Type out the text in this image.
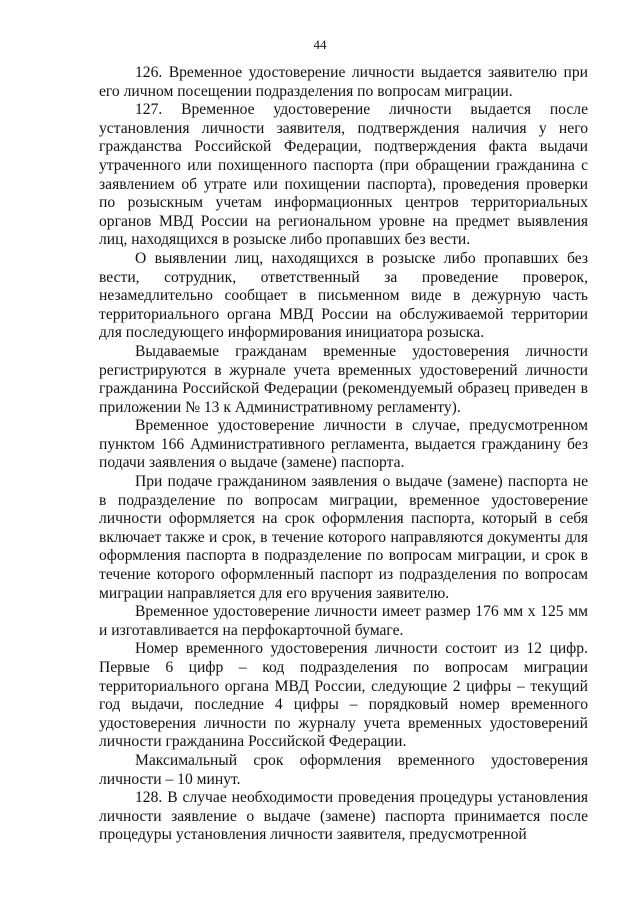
44

126. Временное удостоверение личности выдается заявителю при его личном посещении подразделения по вопросам миграции.

127. Временное удостоверение личности выдается после установления личности заявителя, подтверждения наличия у него гражданства Российской Федерации, подтверждения факта выдачи утраченного или похищенного паспорта (при обращении гражданина с заявлением об утрате или похищении паспорта), проведения проверки по розыскным учетам информационных центров территориальных органов МВД России на региональном уровне на предмет выявления лиц, находящихся в розыске либо пропавших без вести.

О выявлении лиц, находящихся в розыске либо пропавших без вести, сотрудник, ответственный за проведение проверок, незамедлительно сообщает в письменном виде в дежурную часть территориального органа МВД России на обслуживаемой территории для последующего информирования инициатора розыска.

Выдаваемые гражданам временные удостоверения личности регистрируются в журнале учета временных удостоверений личности гражданина Российской Федерации (рекомендуемый образец приведен в приложении № 13 к Административному регламенту).

Временное удостоверение личности в случае, предусмотренном пунктом 166 Административного регламента, выдается гражданину без подачи заявления о выдаче (замене) паспорта.

При подаче гражданином заявления о выдаче (замене) паспорта не в подразделение по вопросам миграции, временное удостоверение личности оформляется на срок оформления паспорта, который в себя включает также и срок, в течение которого направляются документы для оформления паспорта в подразделение по вопросам миграции, и срок в течение которого оформленный паспорт из подразделения по вопросам миграции направляется для его вручения заявителю.

Временное удостоверение личности имеет размер 176 мм х 125 мм и изготавливается на перфокарточной бумаге.

Номер временного удостоверения личности состоит из 12 цифр. Первые 6 цифр – код подразделения по вопросам миграции территориального органа МВД России, следующие 2 цифры – текущий год выдачи, последние 4 цифры – порядковый номер временного удостоверения личности по журналу учета временных удостоверений личности гражданина Российской Федерации.

Максимальный срок оформления временного удостоверения личности – 10 минут.

128. В случае необходимости проведения процедуры установления личности заявление о выдаче (замене) паспорта принимается после процедуры установления личности заявителя, предусмотренной
